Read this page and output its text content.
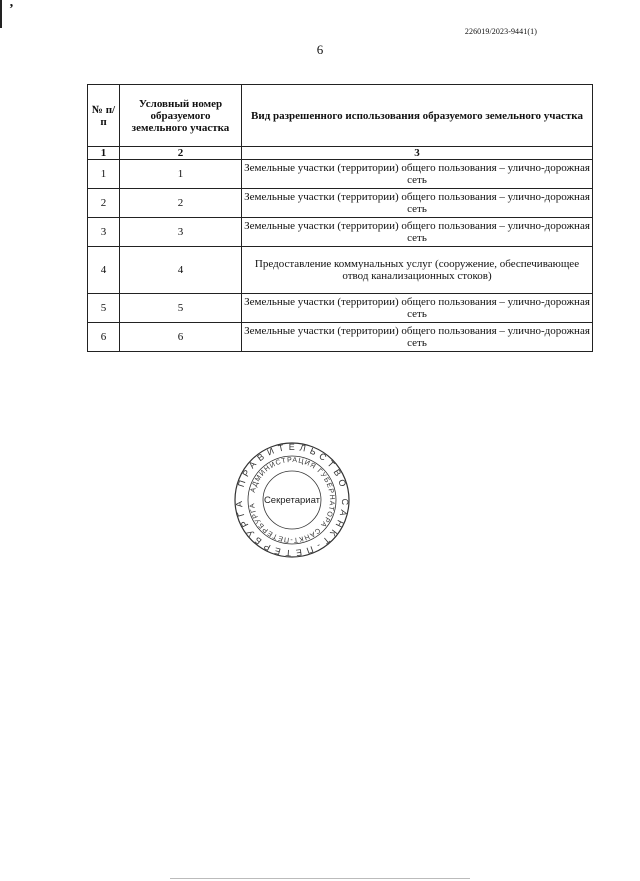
’
226019/2023-9441(1)
6
№ п/п	Условный номер образуемого земельного участка	Вид разрешенного использования образуемого земельного участка
1	2	3
1	1	Земельные участки (территории) общего пользования – улично-дорожная сеть
2	2	Земельные участки (территории) общего пользования – улично-дорожная сеть
3	3	Земельные участки (территории) общего пользования – улично-дорожная сеть
4	4	Предоставление коммунальных услуг (сооружение, обеспечивающее отвод канализационных стоков)
5	5	Земельные участки (территории) общего пользования – улично-дорожная сеть
6	6	Земельные участки (территории) общего пользования – улично-дорожная сеть
ПРАВИТЕЛЬСТВО САНКТ-ПЕТЕРБУРГА
АДМИНИСТРАЦИЯ ГУБЕРНАТОРА САНКТ-ПЕТЕРБУРГА Секретариат
